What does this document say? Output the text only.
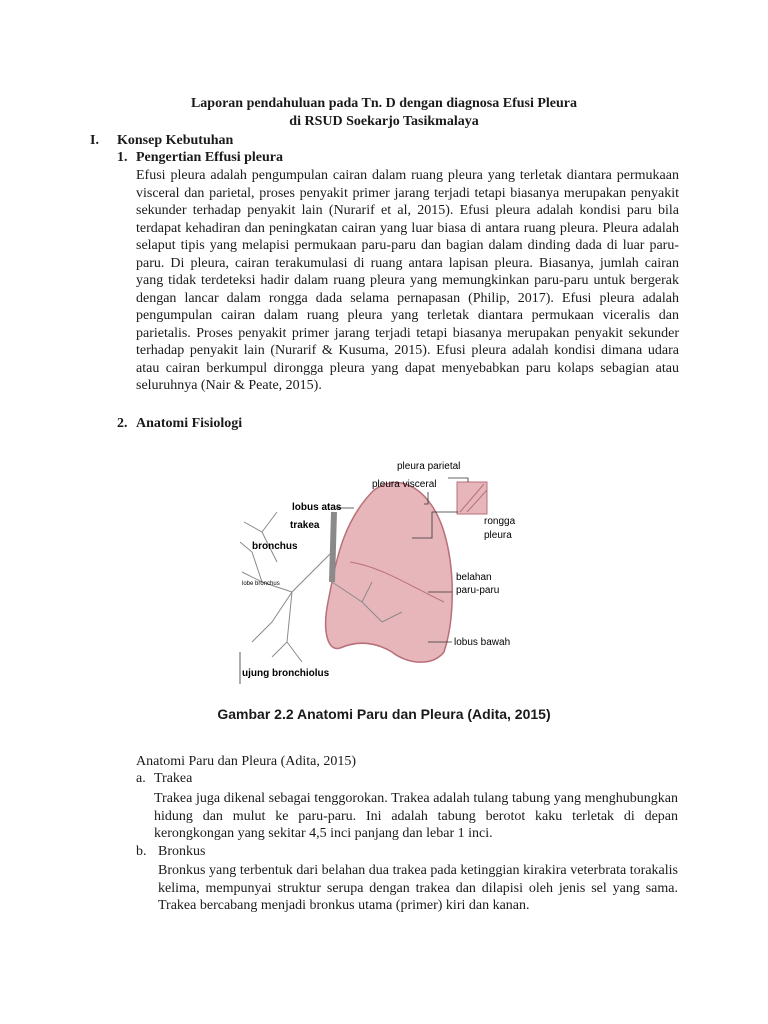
Laporan pendahuluan pada Tn. D dengan diagnosa Efusi Pleura
di RSUD Soekarjo Tasikmalaya
I. Konsep Kebutuhan
1. Pengertian Effusi pleura

Efusi pleura adalah pengumpulan cairan dalam ruang pleura yang terletak diantara permukaan visceral dan parietal, proses penyakit primer jarang terjadi tetapi biasanya merupakan penyakit sekunder terhadap penyakit lain (Nurarif et al, 2015). Efusi pleura adalah kondisi paru bila terdapat kehadiran dan peningkatan cairan yang luar biasa di antara ruang pleura. Pleura adalah selaput tipis yang melapisi permukaan paru-paru dan bagian dalam dinding dada di luar paru-paru. Di pleura, cairan terakumulasi di ruang antara lapisan pleura. Biasanya, jumlah cairan yang tidak terdeteksi hadir dalam ruang pleura yang memungkinkan paru-paru untuk bergerak dengan lancar dalam rongga dada selama pernapasan (Philip, 2017). Efusi pleura adalah pengumpulan cairan dalam ruang pleura yang terletak diantara permukaan viceralis dan parietalis. Proses penyakit primer jarang terjadi tetapi biasanya merupakan penyakit sekunder terhadap penyakit lain (Nurarif & Kusuma, 2015). Efusi pleura adalah kondisi dimana udara atau cairan berkumpul dirongga pleura yang dapat menyebabkan paru kolaps sebagian atau seluruhnya (Nair & Peate, 2015).

2. Anatomi Fisiologi
pleura parietal
pleura visceral
lobus atas
trakea
bronchus
lobe bronchus
rongga
pleura
belahan
paru-paru
lobus bawah
ujung bronchiolus
Gambar 2.2 Anatomi Paru dan Pleura (Adita, 2015)
Anatomi Paru dan Pleura (Adita, 2015)
a. Trakea

Trakea juga dikenal sebagai tenggorokan. Trakea adalah tulang tabung yang menghubungkan hidung dan mulut ke paru-paru. Ini adalah tabung berotot kaku terletak di depan kerongkongan yang sekitar 4,5 inci panjang dan lebar 1 inci.

b. Bronkus

Bronkus yang terbentuk dari belahan dua trakea pada ketinggian kirakira veterbrata torakalis kelima, mempunyai struktur serupa dengan trakea dan dilapisi oleh jenis sel yang sama. Trakea bercabang menjadi bronkus utama (primer) kiri dan kanan.
